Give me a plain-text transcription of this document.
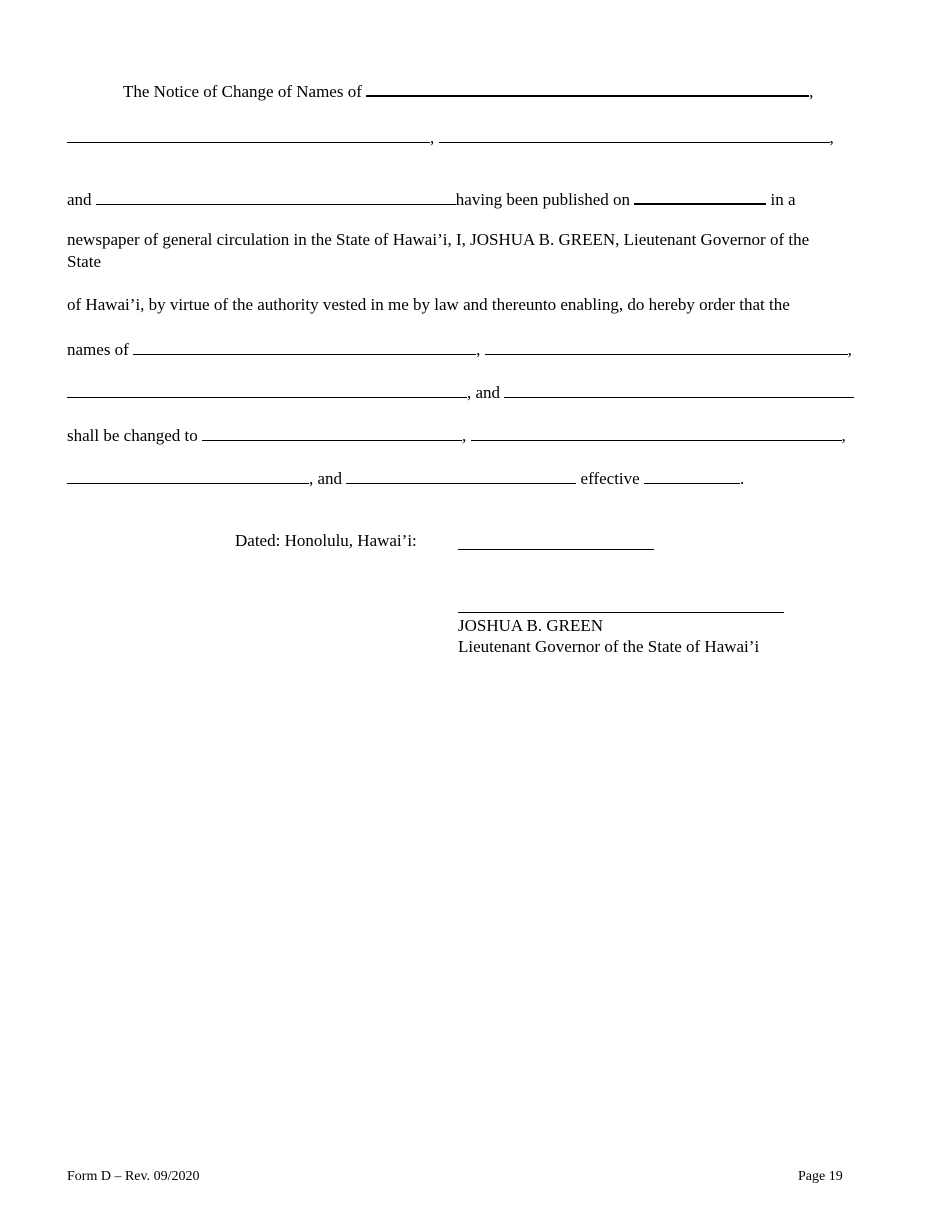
The Notice of Change of Names of	,
,	,
and	having been published on	in a
newspaper of general circulation in the State of Hawai’i, I, JOSHUA B. GREEN, Lieutenant Governor of the
State
of Hawai’i, by virtue of the authority vested in me by law and thereunto enabling, do hereby order that the
names of	,	,
, and
shall be changed to	,	,
, and	effective	.
Dated: Honolulu, Hawai’i:
JOSHUA B. GREEN
Lieutenant Governor of the State of Hawai’i
Form D – Rev. 09/2020	Page 19
